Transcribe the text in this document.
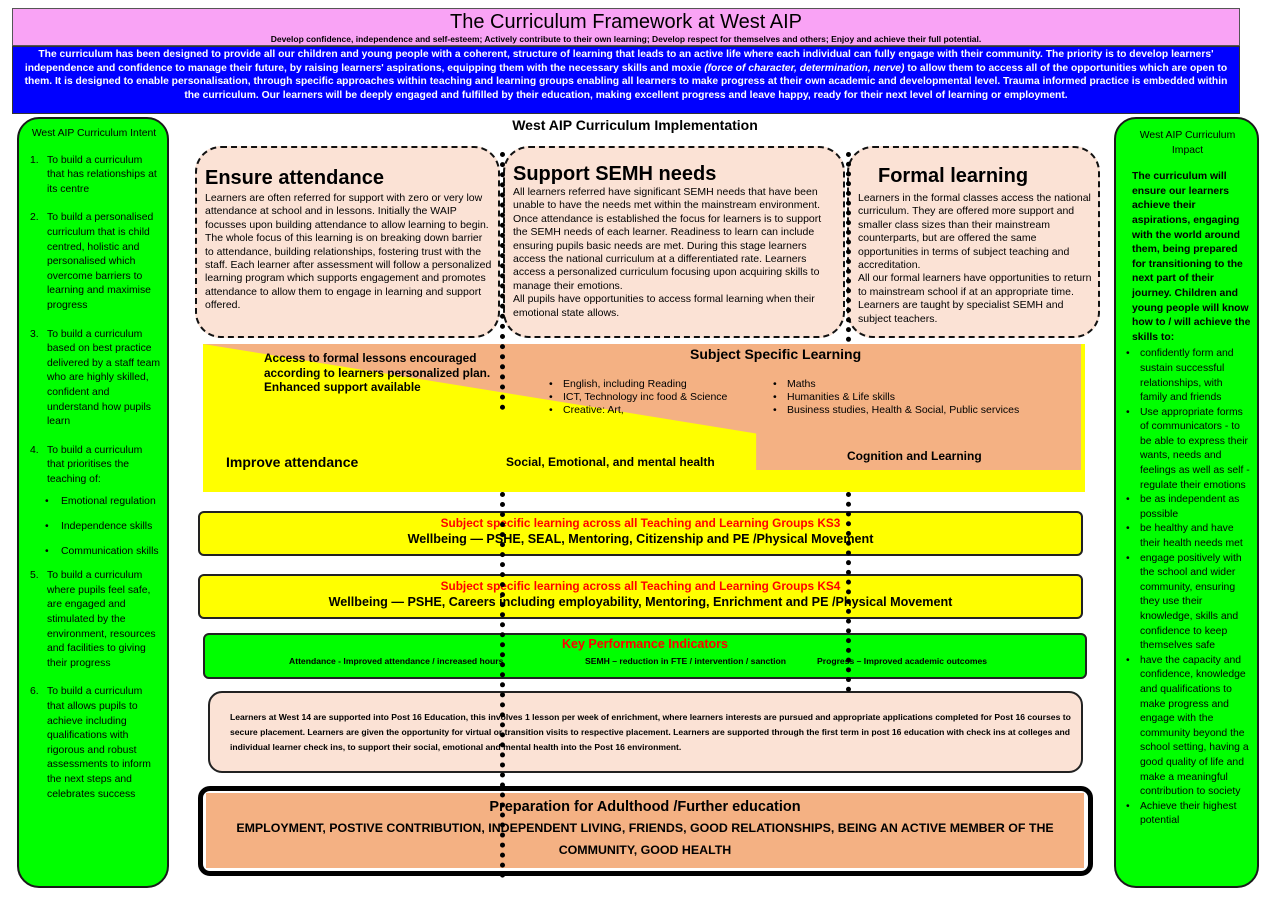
The Curriculum Framework at West AIP
Develop confidence, independence and self-esteem; Actively contribute to their own learning; Develop respect for themselves and others; Enjoy and achieve their full potential.
The curriculum has been designed to provide all our children and young people with a coherent, structure of learning that leads to an active life where each individual can fully engage with their community. The priority is to develop learners' independence and confidence to manage their future, by raising learners' aspirations, equipping them with the necessary skills and moxie (force of character, determination, nerve) to allow them to access all of the opportunities which are open to them. It is designed to enable personalisation, through specific approaches within teaching and learning groups enabling all learners to make progress at their own academic and developmental level. Trauma informed practice is embedded within the curriculum. Our learners will be deeply engaged and fulfilled by their education, making excellent progress and leave happy, ready for their next level of learning or employment.
West AIP Curriculum Intent
1. To build a curriculum that has relationships at its centre
2. To build a personalised curriculum that is child centred, holistic and personalised which overcome barriers to learning and maximise progress
3. To build a curriculum based on best practice delivered by a staff team who are highly skilled, confident and understand how pupils learn
4. To build a curriculum that prioritises the teaching of:
•	Emotional regulation
•	Independence skills
•	Communication skills
5. To build a curriculum where pupils feel safe, are engaged and stimulated by the environment, resources and facilities to giving their progress
6. To build a curriculum that allows pupils to achieve including qualifications with rigorous and robust assessments to inform the next steps and celebrates success
West AIP Curriculum Implementation
Ensure attendance

Learners are often referred for support with zero or very low attendance at school and in lessons. Initially the WAIP focusses upon building attendance to allow learning to begin. The whole focus of this learning is on breaking down barrier to attendance, building relationships, fostering trust with the staff. Each learner after assessment will follow a personalized learning program which supports engagement and promotes attendance to allow them to engage in learning and support offered.

Support SEMH needs

All learners referred have significant SEMH needs that have been unable to have the needs met within the mainstream environment. Once attendance is established the focus for learners is to support the SEMH needs of each learner. Readiness to learn can include ensuring pupils basic needs are met. During this stage learners access the national curriculum at a differentiated rate. Learners access a personalized curriculum focusing upon acquiring skills to manage their emotions.
All pupils have opportunities to access formal learning when their emotional state allows.

Formal learning

Learners in the formal classes access the national curriculum. They are offered more support and smaller class sizes than their mainstream counterparts, but are offered the same opportunities in terms of subject teaching and accreditation.
All our formal learners have opportunities to return to mainstream school if at an appropriate time. Learners are taught by specialist SEMH and subject teachers.

Access to formal lessons encouraged according to learners personalized plan. Enhanced support available
Subject Specific Learning
• English, including Reading
• ICT, Technology inc food & Science
• Creative: Art,
• Maths
• Humanities & Life skills
• Business studies, Health & Social, Public services
Improve attendance	Social, Emotional, and mental health	Cognition and Learning
Subject specific learning across all Teaching and Learning Groups KS3
Wellbeing — PSHE, SEAL, Mentoring, Citizenship and PE /Physical Movement
Subject specific learning across all Teaching and Learning Groups KS4
Wellbeing — PSHE, Careers including employability, Mentoring, Enrichment and PE /Physical Movement
Key Performance Indicators
Attendance - Improved attendance / increased hours	SEMH – reduction in FTE / intervention / sanction	Progress – Improved academic outcomes
Learners at West 14 are supported into Post 16 Education, this involves 1 lesson per week of enrichment, where learners interests are pursued and appropriate applications completed for Post 16 courses to secure placement. Learners are given the opportunity for virtual or transition visits to respective placement. Learners are supported through the first term in post 16 education with check ins at colleges and individual learner check ins, to support their social, emotional and mental health into the Post 16 environment.
Preparation for Adulthood /Further education
EMPLOYMENT, POSTIVE CONTRIBUTION, INDEPENDENT LIVING, FRIENDS, GOOD RELATIONSHIPS, BEING AN ACTIVE MEMBER OF THE COMMUNITY, GOOD HEALTH
West AIP Curriculum Impact
The curriculum will ensure our learners achieve their aspirations, engaging with the world around them, being prepared for transitioning to the next part of their journey. Children and young people will know how to / will achieve the skills to:
• confidently form and sustain successful relationships, with family and friends
• Use appropriate forms of communicators - to be able to express their wants, needs and feelings as well as self -regulate their emotions
• be as independent as possible
• be healthy and have their health needs met
• engage positively with the school and wider community, ensuring they use their knowledge, skills and confidence to keep themselves safe
• have the capacity and confidence, knowledge and qualifications to make progress and engage with the community beyond the school setting, having a good quality of life and make a meaningful contribution to society
• Achieve their highest potential
